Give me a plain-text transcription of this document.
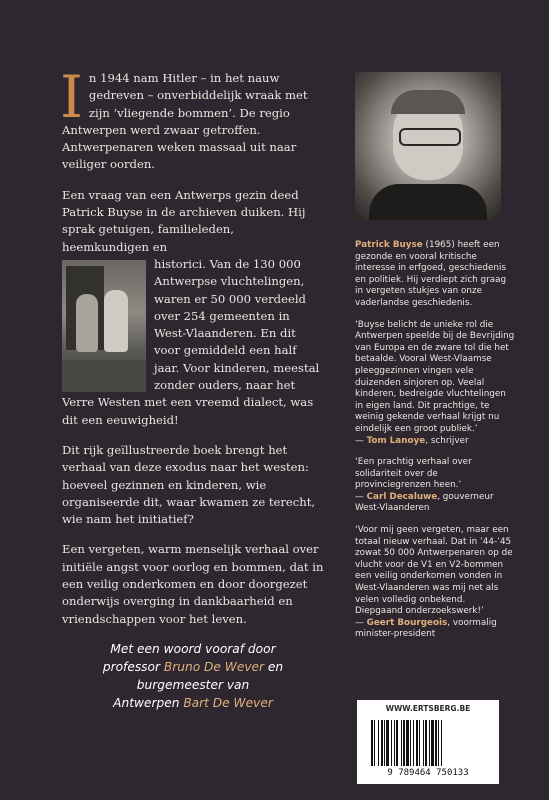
In 1944 nam Hitler – in het nauw gedreven – onverbiddelijk wraak met zijn ‘vliegende bommen’. De regio Antwerpen werd zwaar getroffen. Antwerpenaren weken massaal uit naar veiliger oorden.

Een vraag van een Antwerps gezin deed Patrick Buyse in de archieven duiken. Hij sprak getuigen, familieleden, heemkundigen en

historici. Van de 130 000 Antwerpse vluchtelingen, waren er 50 000 verdeeld over 254 gemeenten in West-Vlaanderen. En dit voor gemiddeld een half jaar. Voor kinderen, meestal zonder ouders, naar het Verre Westen met een vreemd dialect, was dit een eeuwigheid!

Dit rijk geïllustreerde boek brengt het verhaal van deze exodus naar het westen: hoeveel gezinnen en kinderen, wie organiseerde dit, waar kwamen ze terecht, wie nam het initiatief?

Een vergeten, warm menselijk verhaal over initiële angst voor oorlog en bommen, dat in een veilig onderkomen en door doorgezet onderwijs overging in dankbaarheid en vriendschappen voor het leven.

Met een woord vooraf door
professor Bruno De Wever en
burgemeester van
Antwerpen Bart De Wever

Patrick Buyse (1965) heeft een gezonde en vooral kritische interesse in erfgoed, geschiedenis en politiek. Hij verdiept zich graag in vergeten stukjes van onze vaderlandse geschiedenis.

‘Buyse belicht de unieke rol die Antwerpen speelde bij de Bevrijding van Europa en de zware tol die het betaalde. Vooral West-Vlaamse pleeggezinnen vingen vele duizenden sinjoren op. Veelal kinderen, bedreigde vluchtelingen in eigen land. Dit prachtige, te weinig gekende verhaal krijgt nu eindelijk een groot publiek.’
— Tom Lanoye, schrijver

‘Een prachtig verhaal over solidariteit over de provinciegrenzen heen.’
— Carl Decaluwe, gouverneur West-Vlaanderen

‘Voor mij geen vergeten, maar een totaal nieuw verhaal. Dat in ’44-’45 zowat 50 000 Antwerpenaren op de vlucht voor de V1 en V2-bommen een veilig onderkomen vonden in West-Vlaanderen was mij net als velen volledig onbekend. Diepgaand onderzoekswerk!’
— Geert Bourgeois, voormalig minister-president

WWW.ERTSBERG.BE
9 789464 750133
